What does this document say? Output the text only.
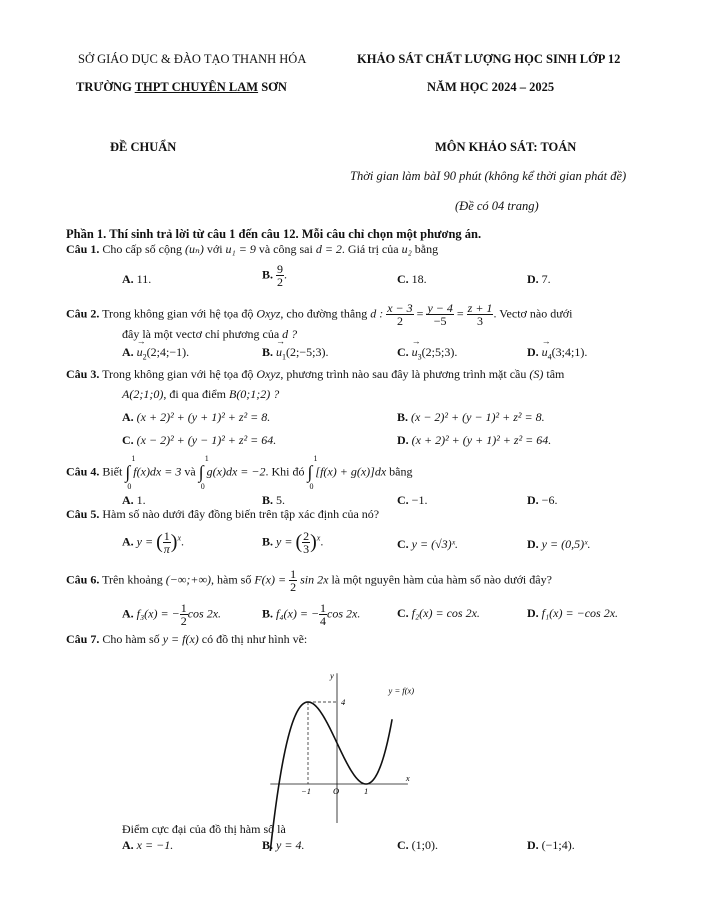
SỞ GIÁO DỤC & ĐÀO TẠO THANH HÓA	KHẢO SÁT CHẤT LƯỢNG HỌC SINH LỚP 12
TRƯỜNG THPT CHUYÊN LAM SƠN	NĂM HỌC 2024 – 2025
ĐỀ CHUẨN	MÔN KHẢO SÁT: TOÁN
Thời gian làm bàI 90 phút (không kể thời gian phát đề)
(Đề có 04 trang)
Phần 1. Thí sinh trả lời từ câu 1 đến câu 12. Mỗi câu chỉ chọn một phương án.
Câu 1. Cho cấp số cộng (uₙ) với u₁ = 9 và công sai d = 2. Giá trị của u₂ bằng
A. 11.	B. $\frac{9}{2}$ .	C. 18.	D. 7.
Câu 2. Trong không gian với hệ tọa độ Oxyz, cho đường thẳng d : $\frac{x - 3}{2} = \frac{y - 4}{-5} = \frac{z + 1}{3}$ . Vectơ nào dưới
đây là một vectơ chỉ phương của d ?
A. → $u_2(2;4;-1)$.	B. → $u_1(2;-5;3)$.	C. → $u_3(2;5;3)$.	D. → $u_4(3;4;1)$.
Câu 3. Trong không gian với hệ tọa độ Oxyz, phương trình nào sau đây là phương trình mặt cầu (S) tâm
A(2;1;0), đi qua điểm B(0;1;2) ?
A. (x + 2)² + (y + 1)² + z² = 8.	B. (x − 2)² + (y − 1)² + z² = 8.
C. (x − 2)² + (y − 1)² + z² = 64.	D. (x + 2)² + (y + 1)² + z² = 64.
Câu 4. Biết ∫
1
0
f(x)dx = 3 và ∫
1
0
g(x)dx = −2. Khi đó ∫
1
0
[f(x) + g(x)]dx bằng
A. 1.	B. 5.	C. −1.	D. −6.
Câu 5. Hàm số nào dưới đây đồng biến trên tập xác định của nó?
A. y = ( $\frac{1}{\pi} )^x$.	B. y = ( $\frac{2}{3} )^x$.	C. y = (√3)ˣ.	D. y = (0,5)ˣ.
Câu 6. Trên khoảng (−∞;+∞), hàm số $F(x) = \frac{1}{2}$ sin 2x là một nguyên hàm của hàm số nào dưới đây?
A. f₃(x) = − $\frac{1}{2}$ cos 2x.	B. f₄(x) = − $\frac{1}{4}$ cos 2x.	C. f₂(x) = cos 2x.	D. f₁(x) = −cos 2x.
Câu 7. Cho hàm số y = f(x) có đồ thị như hình vẽ:
−1	O	1
4
x
y
y = f(x)
Điểm cực đại của đồ thị hàm số là
A. x = −1.	B. y = 4.	C. (1;0).	D. (−1;4).
